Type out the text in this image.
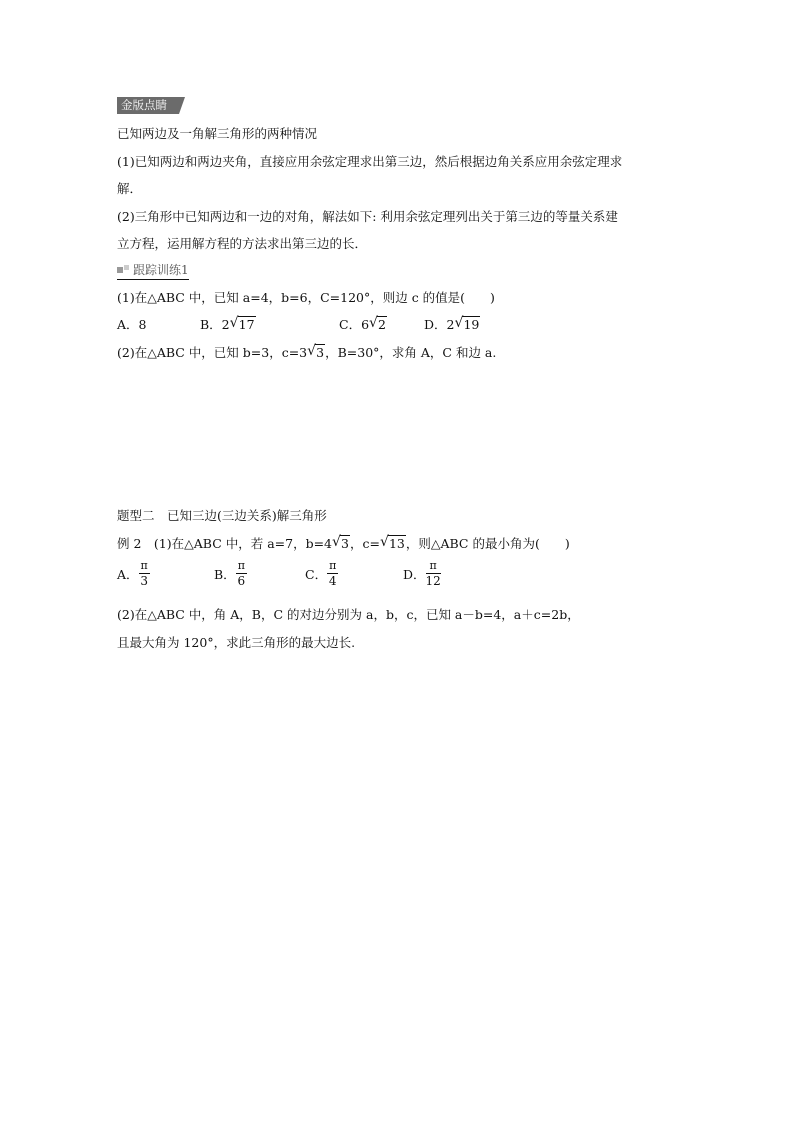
金版点睛
已知两边及一角解三角形的两种情况
(1)已知两边和两边夹角，直接应用余弦定理求出第三边，然后根据边角关系应用余弦定理求
解．
(2)三角形中已知两边和一边的对角，解法如下: 利用余弦定理列出关于第三边的等量关系建
立方程，运用解方程的方法求出第三边的长．
跟踪训练1
(1)在△ABC 中，已知 a=4，b=6，C=120°，则边 c 的值是(　　)
A．8	B．2 √ 17	C．6 √ 2	D．2 √ 19
(2)在△ABC 中，已知 b=3，c=3 √ 3，B=30°，求角 A，C 和边 a.
题型二　已知三边(三边关系)解三角形
例 2　(1)在△ABC 中，若 a=7，b=4 √ 3，c= √ 13，则△ABC 的最小角为(　　)
A． $\frac{\pi}{3}$	B． $\frac{\pi}{6}$	C． $\frac{\pi}{4}$	D． $\frac{\pi}{12}$
(2)在△ABC 中，角 A，B，C 的对边分别为 a，b，c，已知 a－b=4，a＋c=2b，
且最大角为 120°，求此三角形的最大边长.
